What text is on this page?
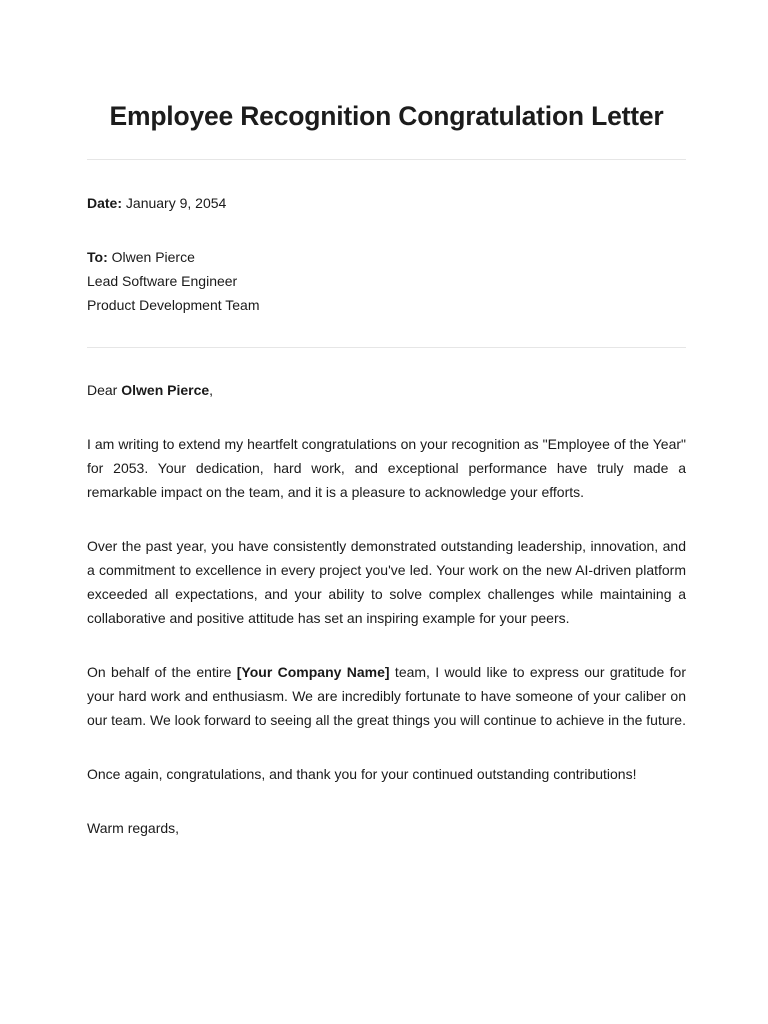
Employee Recognition Congratulation Letter

Date: January 9, 2054

To: Olwen Pierce

Lead Software Engineer

Product Development Team

Dear Olwen Pierce,

I am writing to extend my heartfelt congratulations on your recognition as "Employee of the Year" for 2053. Your dedication, hard work, and exceptional performance have truly made a remarkable impact on the team, and it is a pleasure to acknowledge your efforts.

Over the past year, you have consistently demonstrated outstanding leadership, innovation, and a commitment to excellence in every project you've led. Your work on the new AI-driven platform exceeded all expectations, and your ability to solve complex challenges while maintaining a collaborative and positive attitude has set an inspiring example for your peers.

On behalf of the entire [Your Company Name] team, I would like to express our gratitude for your hard work and enthusiasm. We are incredibly fortunate to have someone of your caliber on our team. We look forward to seeing all the great things you will continue to achieve in the future.

Once again, congratulations, and thank you for your continued outstanding contributions!

Warm regards,
